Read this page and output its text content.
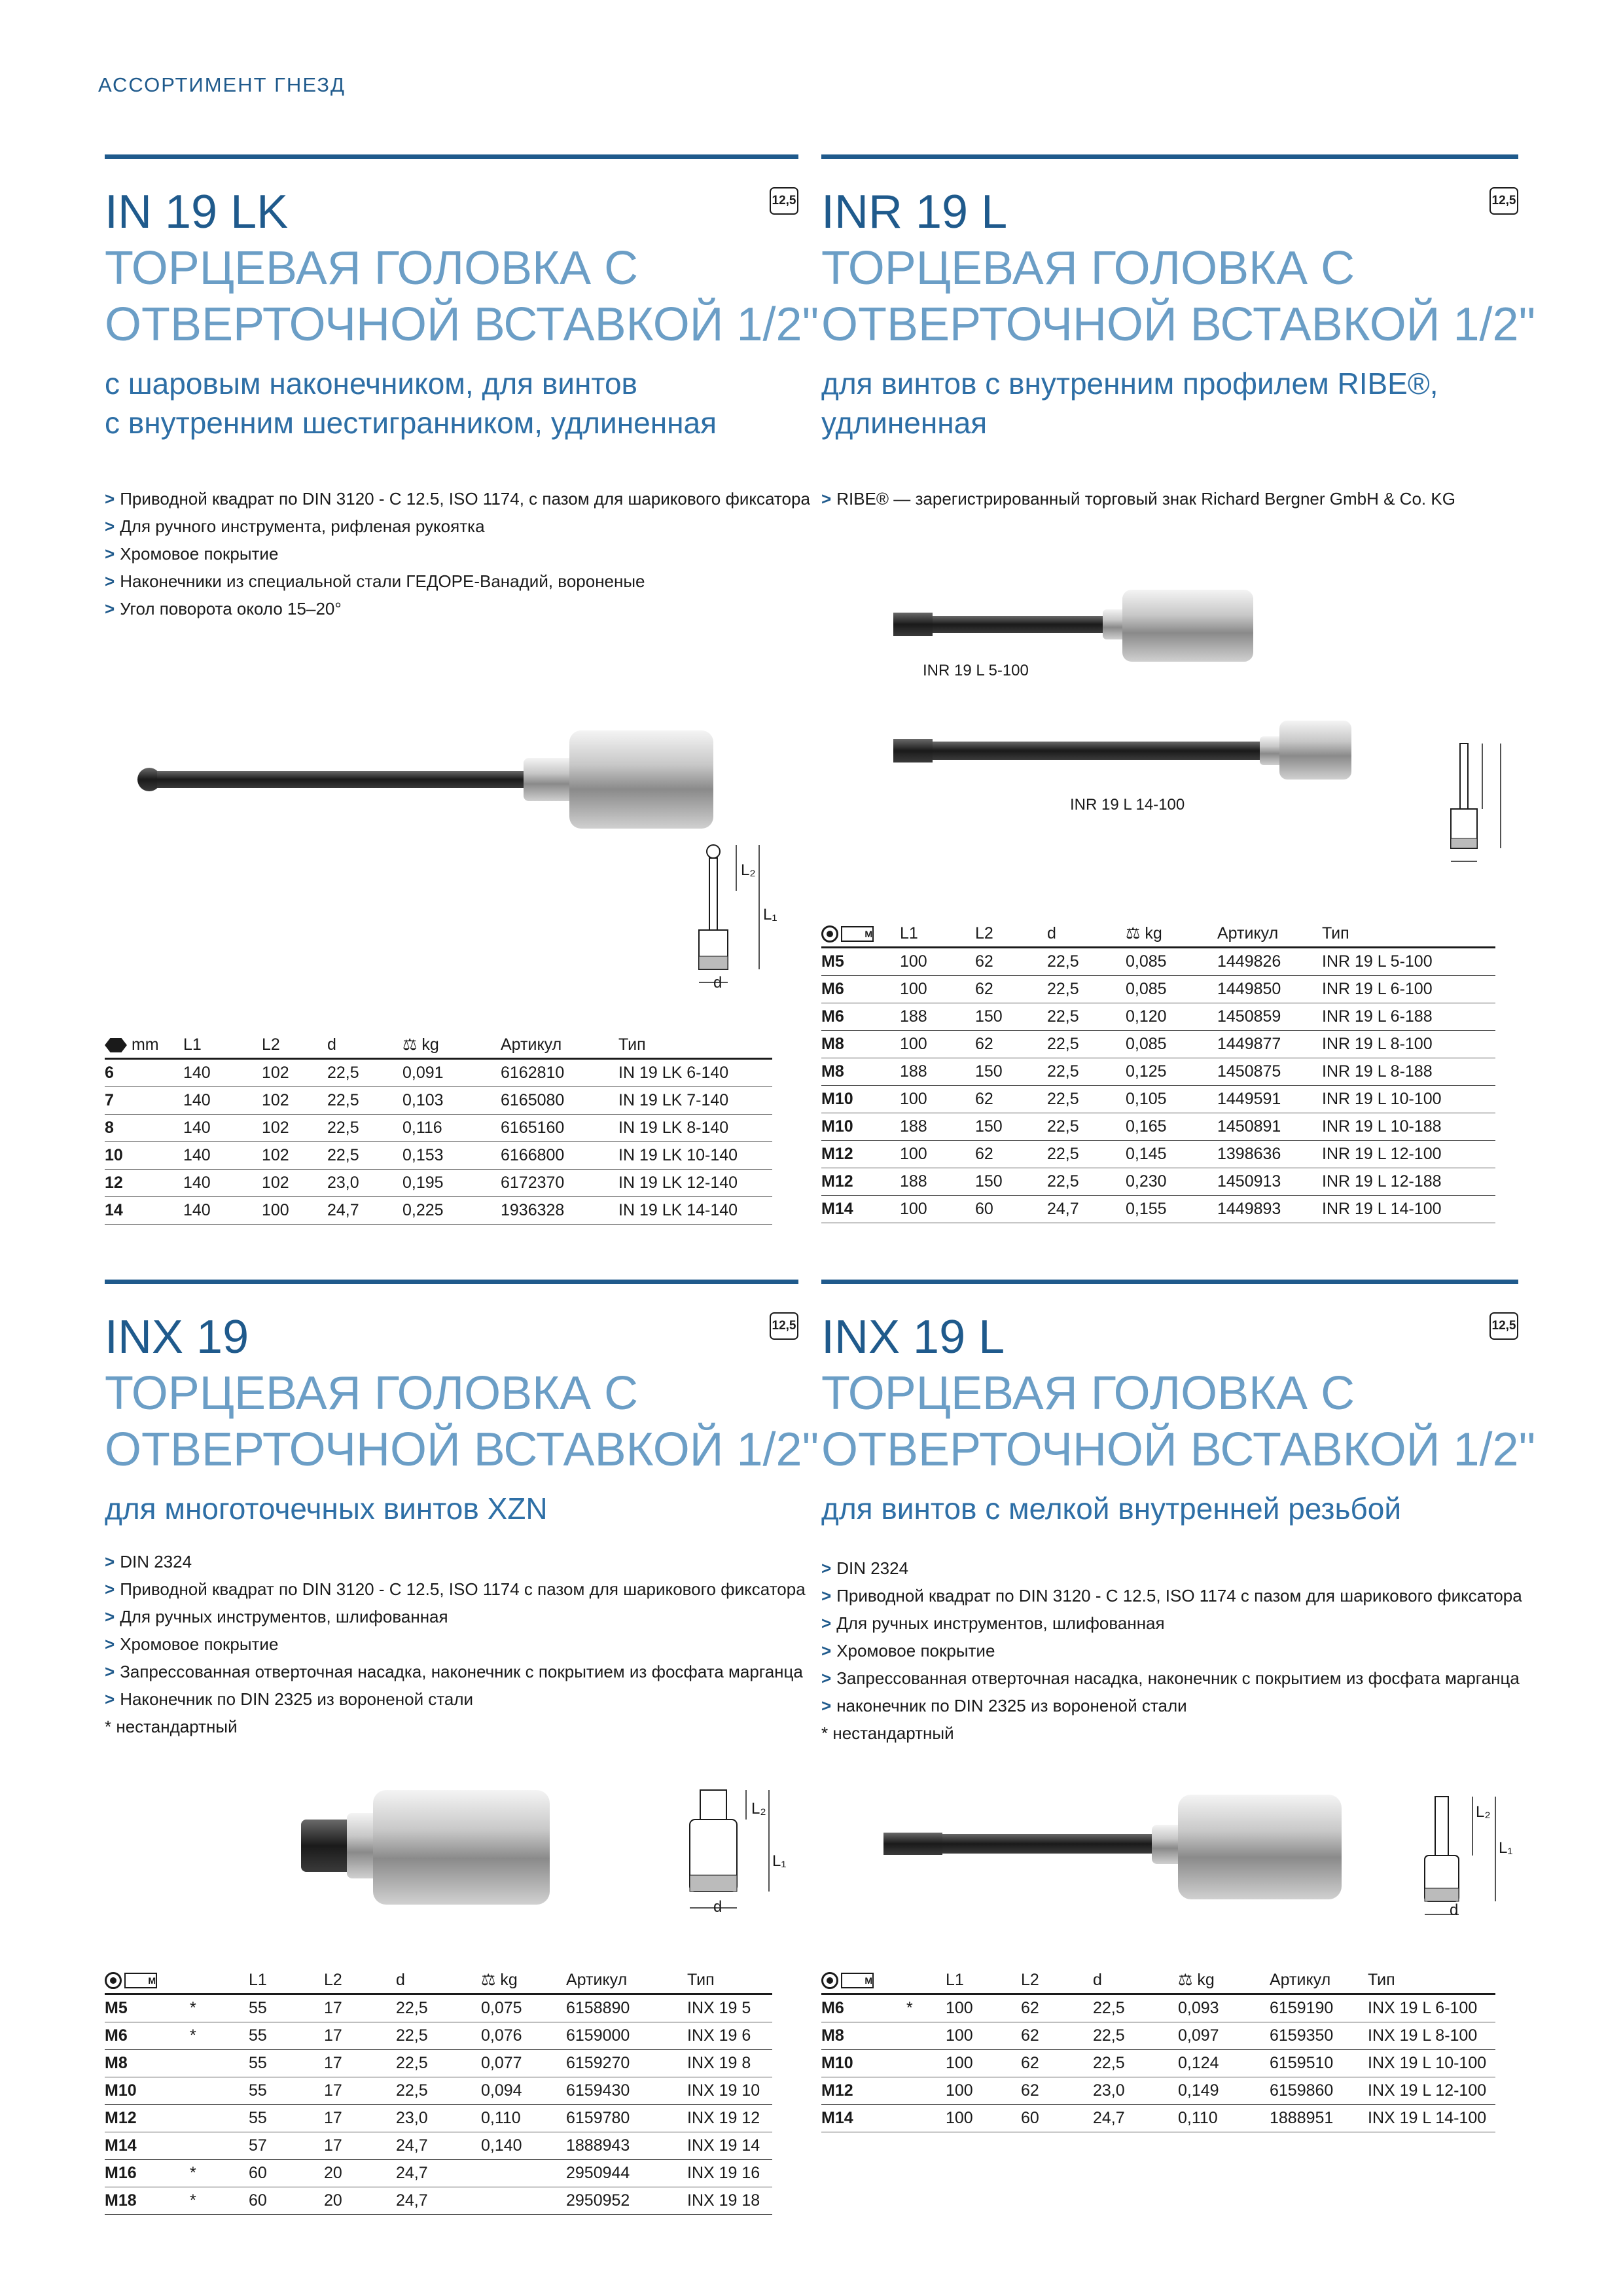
АССОРТИМЕНТ ГНЕЗД
12,5
IN 19 LK
ТОРЦЕВАЯ ГОЛОВКА С
ОТВЕРТОЧНОЙ ВСТАВКОЙ 1/2"
с шаровым наконечником, для винтов
с внутренним шестигранником, удлиненная
> Приводной квадрат по DIN 3120 - C 12.5, ISO 1174, с пазом для шарикового фиксатора
> Для ручного инструмента, рифленая рукоятка
> Хромовое покрытие
> Наконечники из специальной стали ГЕДОРЕ-Ванадий, вороненые
> Угол поворота около 15–20°
L₂
L₁
d
mm		L1	L2	d	⚖ kg	Артикул	Тип
6		140	102	22,5	0,091	6162810	IN 19 LK 6-140
7		140	102	22,5	0,103	6165080	IN 19 LK 7-140
8		140	102	22,5	0,116	6165160	IN 19 LK 8-140
10		140	102	22,5	0,153	6166800	IN 19 LK 10-140
12		140	102	23,0	0,195	6172370	IN 19 LK 12-140
14		140	100	24,7	0,225	1936328	IN 19 LK 14-140
12,5
INR 19 L
ТОРЦЕВАЯ ГОЛОВКА С
ОТВЕРТОЧНОЙ ВСТАВКОЙ 1/2"
для винтов с внутренним профилем RIBE®,
удлиненная
> RIBE® — зарегистрированный торговый знак Richard Bergner GmbH & Co. KG
INR 19 L 5-100
INR 19 L 14-100
M		L1	L2	d	⚖ kg	Артикул	Тип
M5		100	62	22,5	0,085	1449826	INR 19 L 5-100
M6		100	62	22,5	0,085	1449850	INR 19 L 6-100
M6		188	150	22,5	0,120	1450859	INR 19 L 6-188
M8		100	62	22,5	0,085	1449877	INR 19 L 8-100
M8		188	150	22,5	0,125	1450875	INR 19 L 8-188
M10		100	62	22,5	0,105	1449591	INR 19 L 10-100
M10		188	150	22,5	0,165	1450891	INR 19 L 10-188
M12		100	62	22,5	0,145	1398636	INR 19 L 12-100
M12		188	150	22,5	0,230	1450913	INR 19 L 12-188
M14		100	60	24,7	0,155	1449893	INR 19 L 14-100
12,5
INX 19
ТОРЦЕВАЯ ГОЛОВКА С
ОТВЕРТОЧНОЙ ВСТАВКОЙ 1/2"
для многоточечных винтов XZN
> DIN 2324
> Приводной квадрат по DIN 3120 - C 12.5, ISO 1174 с пазом для шарикового фиксатора
> Для ручных инструментов, шлифованная
> Хромовое покрытие
> Запрессованная отверточная насадка, наконечник с покрытием из фосфата марганца
> Наконечник по DIN 2325 из вороненой стали
* нестандартный
L₂
L₁
d
M		L1	L2	d	⚖ kg	Артикул	Тип
M5	*	55	17	22,5	0,075	6158890	INX 19 5
M6	*	55	17	22,5	0,076	6159000	INX 19 6
M8		55	17	22,5	0,077	6159270	INX 19 8
M10		55	17	22,5	0,094	6159430	INX 19 10
M12		55	17	23,0	0,110	6159780	INX 19 12
M14		57	17	24,7	0,140	1888943	INX 19 14
M16	*	60	20	24,7		2950944	INX 19 16
M18	*	60	20	24,7		2950952	INX 19 18
12,5
INX 19 L
ТОРЦЕВАЯ ГОЛОВКА С
ОТВЕРТОЧНОЙ ВСТАВКОЙ 1/2"
для винтов с мелкой внутренней резьбой
> DIN 2324
> Приводной квадрат по DIN 3120 - C 12.5, ISO 1174 с пазом для шарикового фиксатора
> Для ручных инструментов, шлифованная
> Хромовое покрытие
> Запрессованная отверточная насадка, наконечник с покрытием из фосфата марганца
> наконечник по DIN 2325 из вороненой стали
* нестандартный
L₂
L₁
d
M		L1	L2	d	⚖ kg	Артикул	Тип
M6	*	100	62	22,5	0,093	6159190	INX 19 L 6-100
M8		100	62	22,5	0,097	6159350	INX 19 L 8-100
M10		100	62	22,5	0,124	6159510	INX 19 L 10-100
M12		100	62	23,0	0,149	6159860	INX 19 L 12-100
M14		100	60	24,7	0,110	1888951	INX 19 L 14-100
